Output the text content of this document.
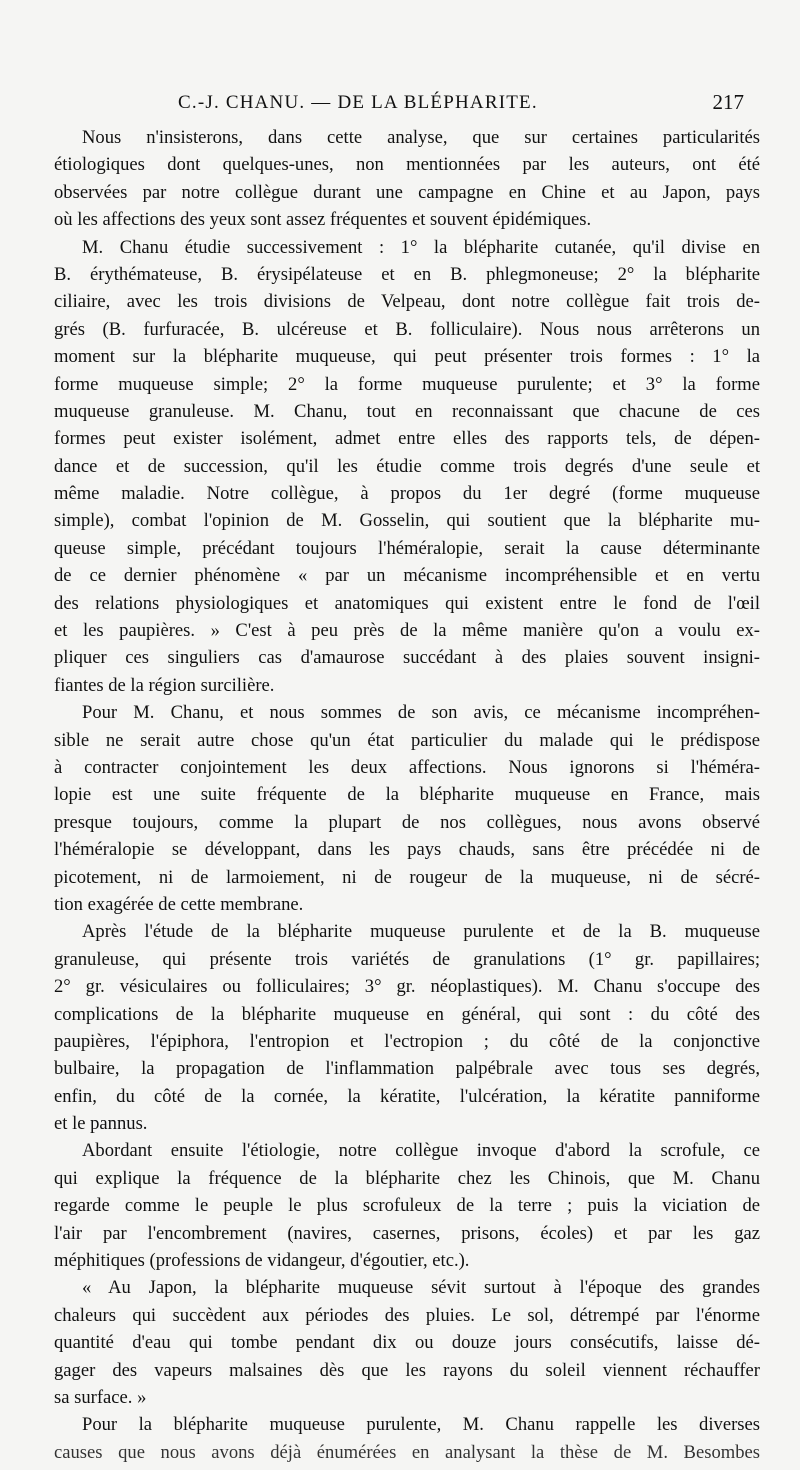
C.-J. CHANU. — DE LA BLÉPHARITE.	217
Nous n'insisterons, dans cette analyse, que sur certaines particularités
étiologiques dont quelques-unes, non mentionnées par les auteurs, ont été
observées par notre collègue durant une campagne en Chine et au Japon, pays
où les affections des yeux sont assez fréquentes et souvent épidémiques.
M. Chanu étudie successivement : 1° la blépharite cutanée, qu'il divise en
B. érythémateuse, B. érysipélateuse et en B. phlegmoneuse; 2° la blépharite
ciliaire, avec les trois divisions de Velpeau, dont notre collègue fait trois de-
grés (B. furfuracée, B. ulcéreuse et B. folliculaire). Nous nous arrêterons un
moment sur la blépharite muqueuse, qui peut présenter trois formes : 1° la
forme muqueuse simple; 2° la forme muqueuse purulente; et 3° la forme
muqueuse granuleuse. M. Chanu, tout en reconnaissant que chacune de ces
formes peut exister isolément, admet entre elles des rapports tels, de dépen-
dance et de succession, qu'il les étudie comme trois degrés d'une seule et
même maladie. Notre collègue, à propos du 1er degré (forme muqueuse
simple), combat l'opinion de M. Gosselin, qui soutient que la blépharite mu-
queuse simple, précédant toujours l'héméralopie, serait la cause déterminante
de ce dernier phénomène « par un mécanisme incompréhensible et en vertu
des relations physiologiques et anatomiques qui existent entre le fond de l'œil
et les paupières. » C'est à peu près de la même manière qu'on a voulu ex-
pliquer ces singuliers cas d'amaurose succédant à des plaies souvent insigni-
fiantes de la région surcilière.
Pour M. Chanu, et nous sommes de son avis, ce mécanisme incompréhen-
sible ne serait autre chose qu'un état particulier du malade qui le prédispose
à contracter conjointement les deux affections. Nous ignorons si l'héméra-
lopie est une suite fréquente de la blépharite muqueuse en France, mais
presque toujours, comme la plupart de nos collègues, nous avons observé
l'héméralopie se développant, dans les pays chauds, sans être précédée ni de
picotement, ni de larmoiement, ni de rougeur de la muqueuse, ni de sécré-
tion exagérée de cette membrane.
Après l'étude de la blépharite muqueuse purulente et de la B. muqueuse
granuleuse, qui présente trois variétés de granulations (1° gr. papillaires;
2° gr. vésiculaires ou folliculaires; 3° gr. néoplastiques). M. Chanu s'occupe des
complications de la blépharite muqueuse en général, qui sont : du côté des
paupières, l'épiphora, l'entropion et l'ectropion ; du côté de la conjonctive
bulbaire, la propagation de l'inflammation palpébrale avec tous ses degrés,
enfin, du côté de la cornée, la kératite, l'ulcération, la kératite panniforme
et le pannus.
Abordant ensuite l'étiologie, notre collègue invoque d'abord la scrofule, ce
qui explique la fréquence de la blépharite chez les Chinois, que M. Chanu
regarde comme le peuple le plus scrofuleux de la terre ; puis la viciation de
l'air par l'encombrement (navires, casernes, prisons, écoles) et par les gaz
méphitiques (professions de vidangeur, d'égoutier, etc.).
« Au Japon, la blépharite muqueuse sévit surtout à l'époque des grandes
chaleurs qui succèdent aux périodes des pluies. Le sol, détrempé par l'énorme
quantité d'eau qui tombe pendant dix ou douze jours consécutifs, laisse dé-
gager des vapeurs malsaines dès que les rayons du soleil viennent réchauffer
sa surface. »
Pour la blépharite muqueuse purulente, M. Chanu rappelle les diverses
causes que nous avons déjà énumérées en analysant la thèse de M. Besombes
